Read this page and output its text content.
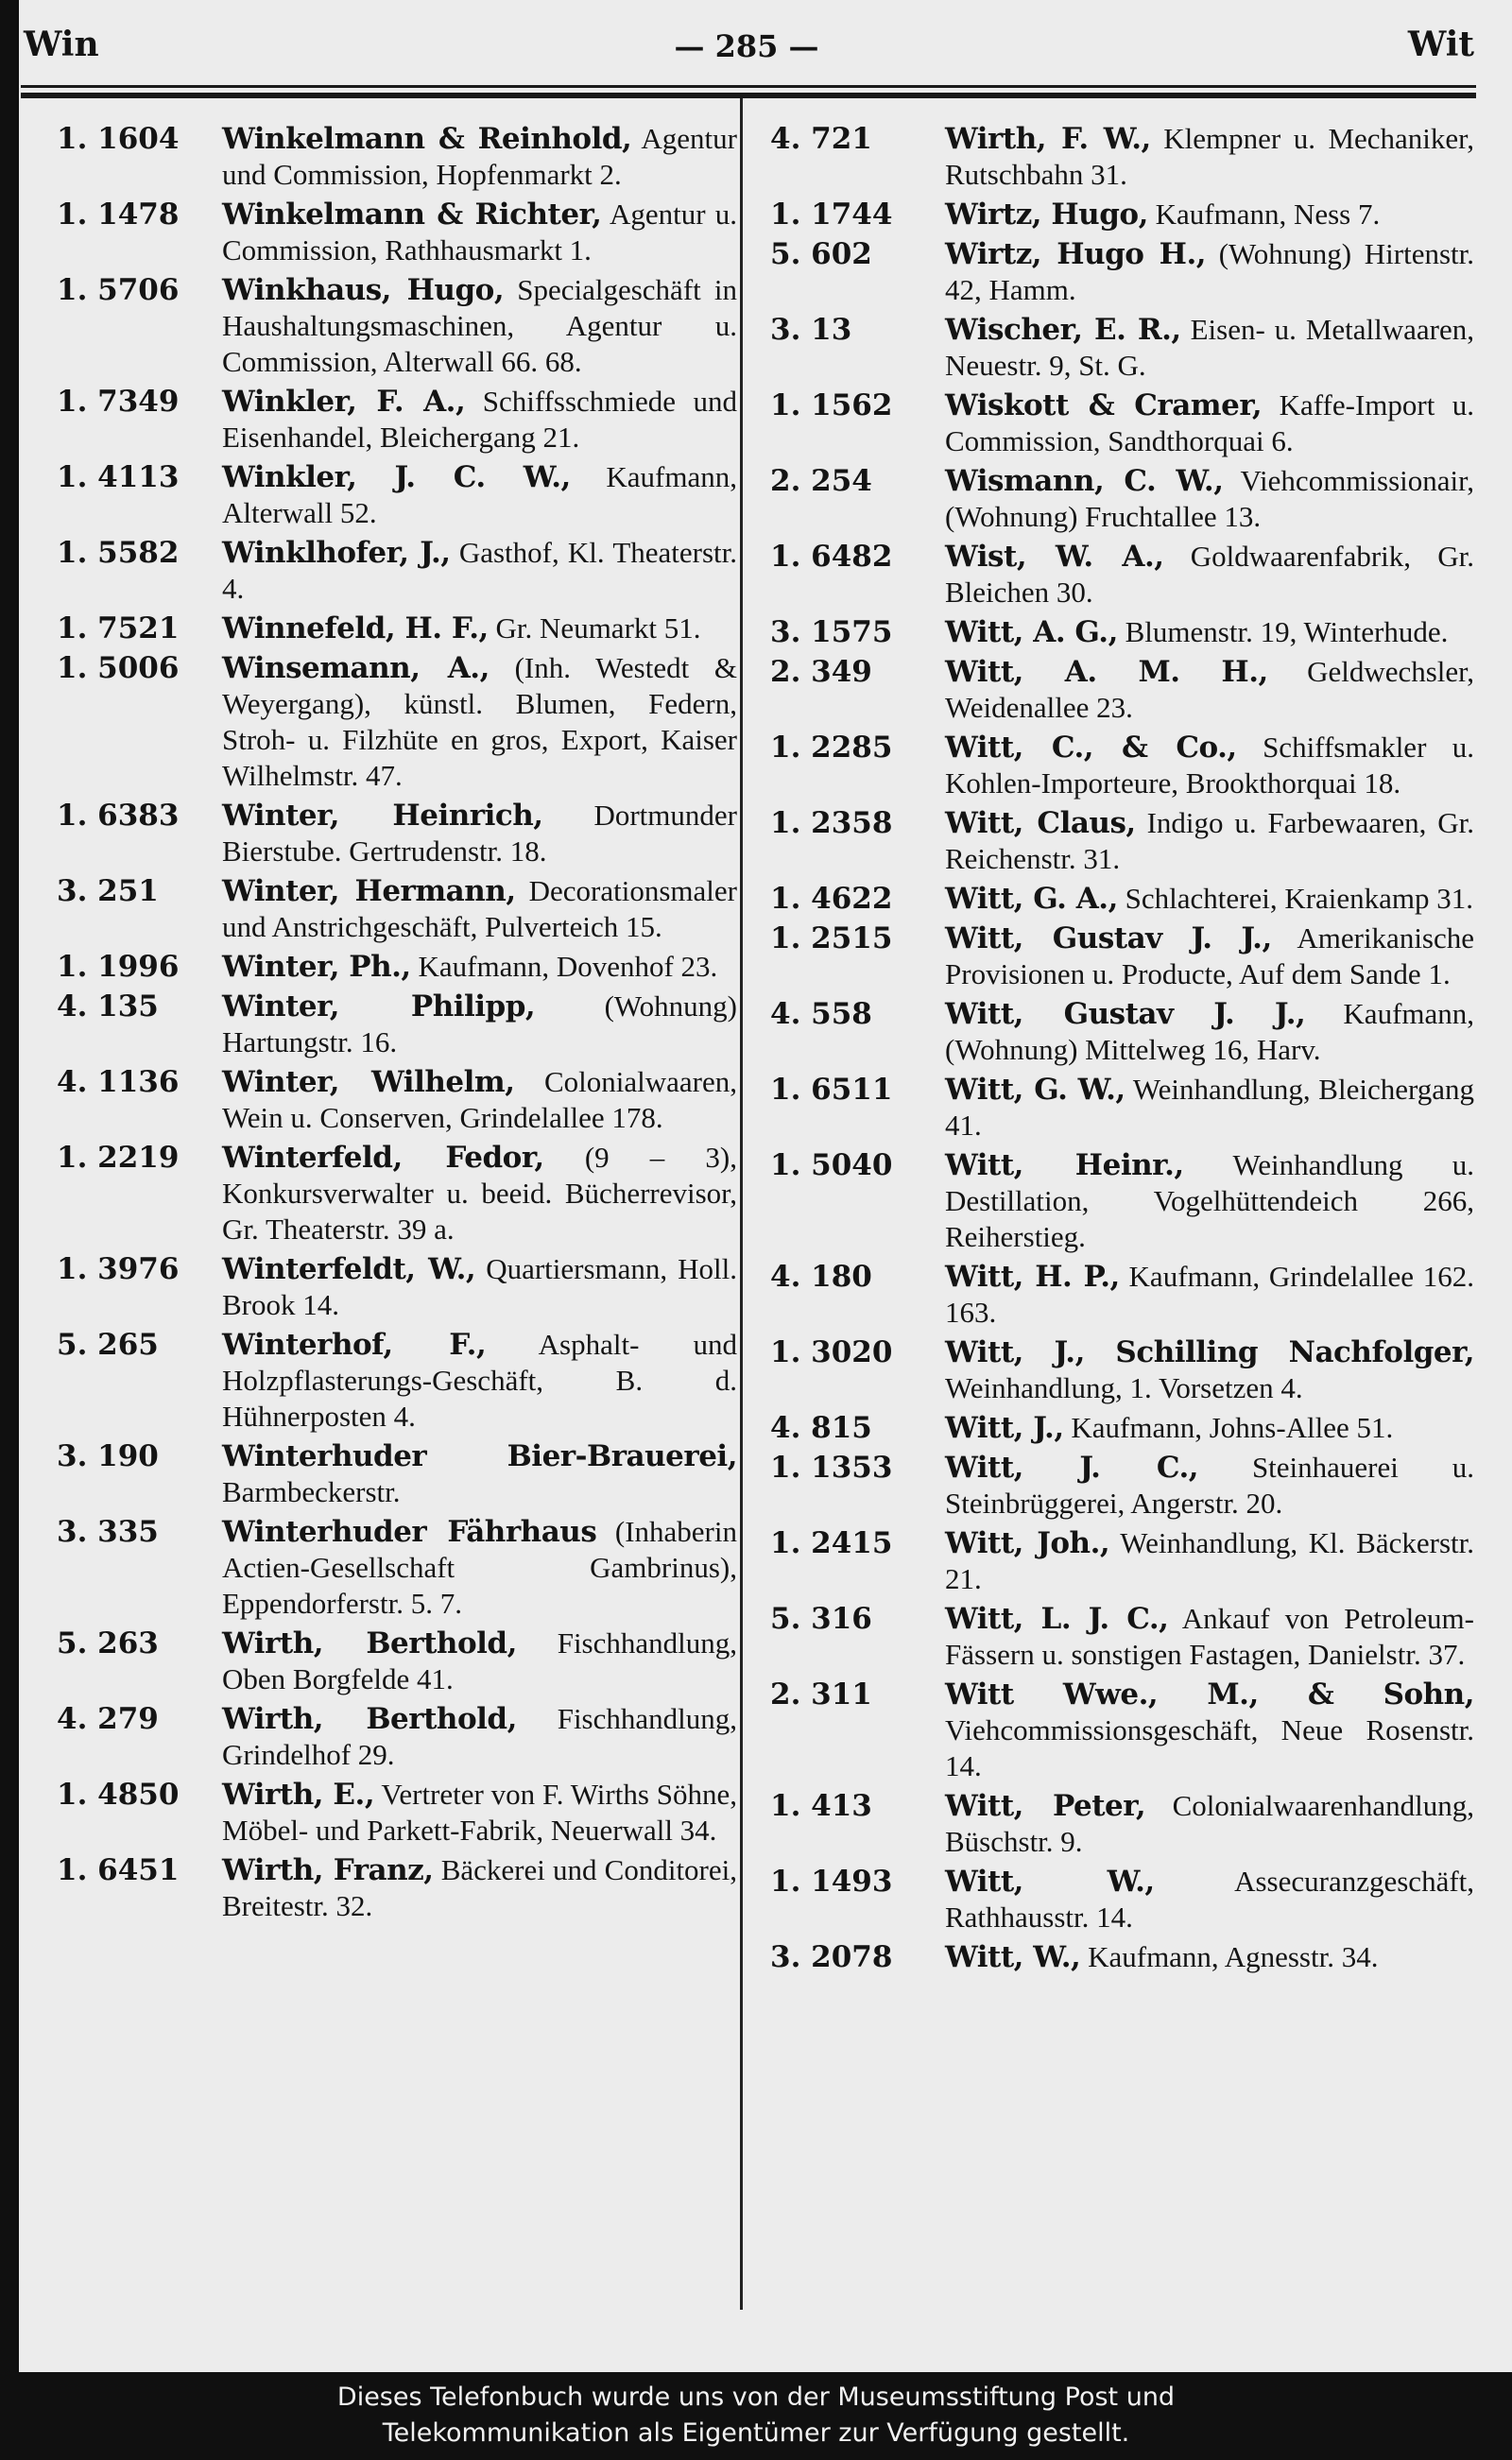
Win	— 285 —	Wit
1. 1604	Winkelmann & Reinhold, Agentur und Commission, Hopfenmarkt 2.
1. 1478	Winkelmann & Richter, Agentur u. Commission, Rathhausmarkt 1.
1. 5706	Winkhaus, Hugo, Specialgeschäft in Haushaltungsmaschinen, Agentur u. Commission, Alterwall 66. 68.
1. 7349	Winkler, F. A., Schiffsschmiede und Eisenhandel, Bleichergang 21.
1. 4113	Winkler, J. C. W., Kaufmann, Alterwall 52.
1. 5582	Winklhofer, J., Gasthof, Kl. Theaterstr. 4.
1. 7521	Winnefeld, H. F., Gr. Neumarkt 51.
1. 5006	Winsemann, A., (Inh. Westedt & Weyergang), künstl. Blumen, Federn, Stroh- u. Filzhüte en gros, Export, Kaiser Wilhelmstr. 47.
1. 6383	Winter, Heinrich, Dortmunder Bierstube. Gertrudenstr. 18.
3. 251	Winter, Hermann, Decorationsmaler und Anstrichgeschäft, Pulverteich 15.
1. 1996	Winter, Ph., Kaufmann, Dovenhof 23.
4. 135	Winter, Philipp, (Wohnung) Hartungstr. 16.
4. 1136	Winter, Wilhelm, Colonialwaaren, Wein u. Conserven, Grindelallee 178.
1. 2219	Winterfeld, Fedor, (9 – 3), Konkursverwalter u. beeid. Bücherrevisor, Gr. Theaterstr. 39 a.
1. 3976	Winterfeldt, W., Quartiersmann, Holl. Brook 14.
5. 265	Winterhof, F., Asphalt- und Holzpflasterungs-Geschäft, B. d. Hühnerposten 4.
3. 190	Winterhuder Bier-Brauerei, Barmbeckerstr.
3. 335	Winterhuder Fährhaus (Inhaberin Actien-Gesellschaft Gambrinus), Eppendorferstr. 5. 7.
5. 263	Wirth, Berthold, Fischhandlung, Oben Borgfelde 41.
4. 279	Wirth, Berthold, Fischhandlung, Grindelhof 29.
1. 4850	Wirth, E., Vertreter von F. Wirths Söhne, Möbel- und Parkett-Fabrik, Neuerwall 34.
1. 6451	Wirth, Franz, Bäckerei und Conditorei, Breitestr. 32.
4. 721	Wirth, F. W., Klempner u. Mechaniker, Rutschbahn 31.
1. 1744	Wirtz, Hugo, Kaufmann, Ness 7.
5. 602	Wirtz, Hugo H., (Wohnung) Hirtenstr. 42, Hamm.
3. 13	Wischer, E. R., Eisen- u. Metallwaaren, Neuestr. 9, St. G.
1. 1562	Wiskott & Cramer, Kaffe-Import u. Commission, Sandthorquai 6.
2. 254	Wismann, C. W., Viehcommissionair, (Wohnung) Fruchtallee 13.
1. 6482	Wist, W. A., Goldwaarenfabrik, Gr. Bleichen 30.
3. 1575	Witt, A. G., Blumenstr. 19, Winterhude.
2. 349	Witt, A. M. H., Geldwechsler, Weidenallee 23.
1. 2285	Witt, C., & Co., Schiffsmakler u. Kohlen-Importeure, Brookthorquai 18.
1. 2358	Witt, Claus, Indigo u. Farbewaaren, Gr. Reichenstr. 31.
1. 4622	Witt, G. A., Schlachterei, Kraienkamp 31.
1. 2515	Witt, Gustav J. J., Amerikanische Provisionen u. Producte, Auf dem Sande 1.
4. 558	Witt, Gustav J. J., Kaufmann, (Wohnung) Mittelweg 16, Harv.
1. 6511	Witt, G. W., Weinhandlung, Bleichergang 41.
1. 5040	Witt, Heinr., Weinhandlung u. Destillation, Vogelhüttendeich 266, Reiherstieg.
4. 180	Witt, H. P., Kaufmann, Grindelallee 162. 163.
1. 3020	Witt, J., Schilling Nachfolger, Weinhandlung, 1. Vorsetzen 4.
4. 815	Witt, J., Kaufmann, Johns-Allee 51.
1. 1353	Witt, J. C., Steinhauerei u. Steinbrüggerei, Angerstr. 20.
1. 2415	Witt, Joh., Weinhandlung, Kl. Bäckerstr. 21.
5. 316	Witt, L. J. C., Ankauf von Petroleum-Fässern u. sonstigen Fastagen, Danielstr. 37.
2. 311	Witt Wwe., M., & Sohn, Viehcommissionsgeschäft, Neue Rosenstr. 14.
1. 413	Witt, Peter, Colonialwaarenhandlung, Büschstr. 9.
1. 1493	Witt, W.,	Assecuranzgeschäft, Rathhausstr. 14.
3. 2078	Witt, W., Kaufmann, Agnesstr. 34.
Dieses Telefonbuch wurde uns von der Museumsstiftung Post und
Telekommunikation als Eigentümer zur Verfügung gestellt.
